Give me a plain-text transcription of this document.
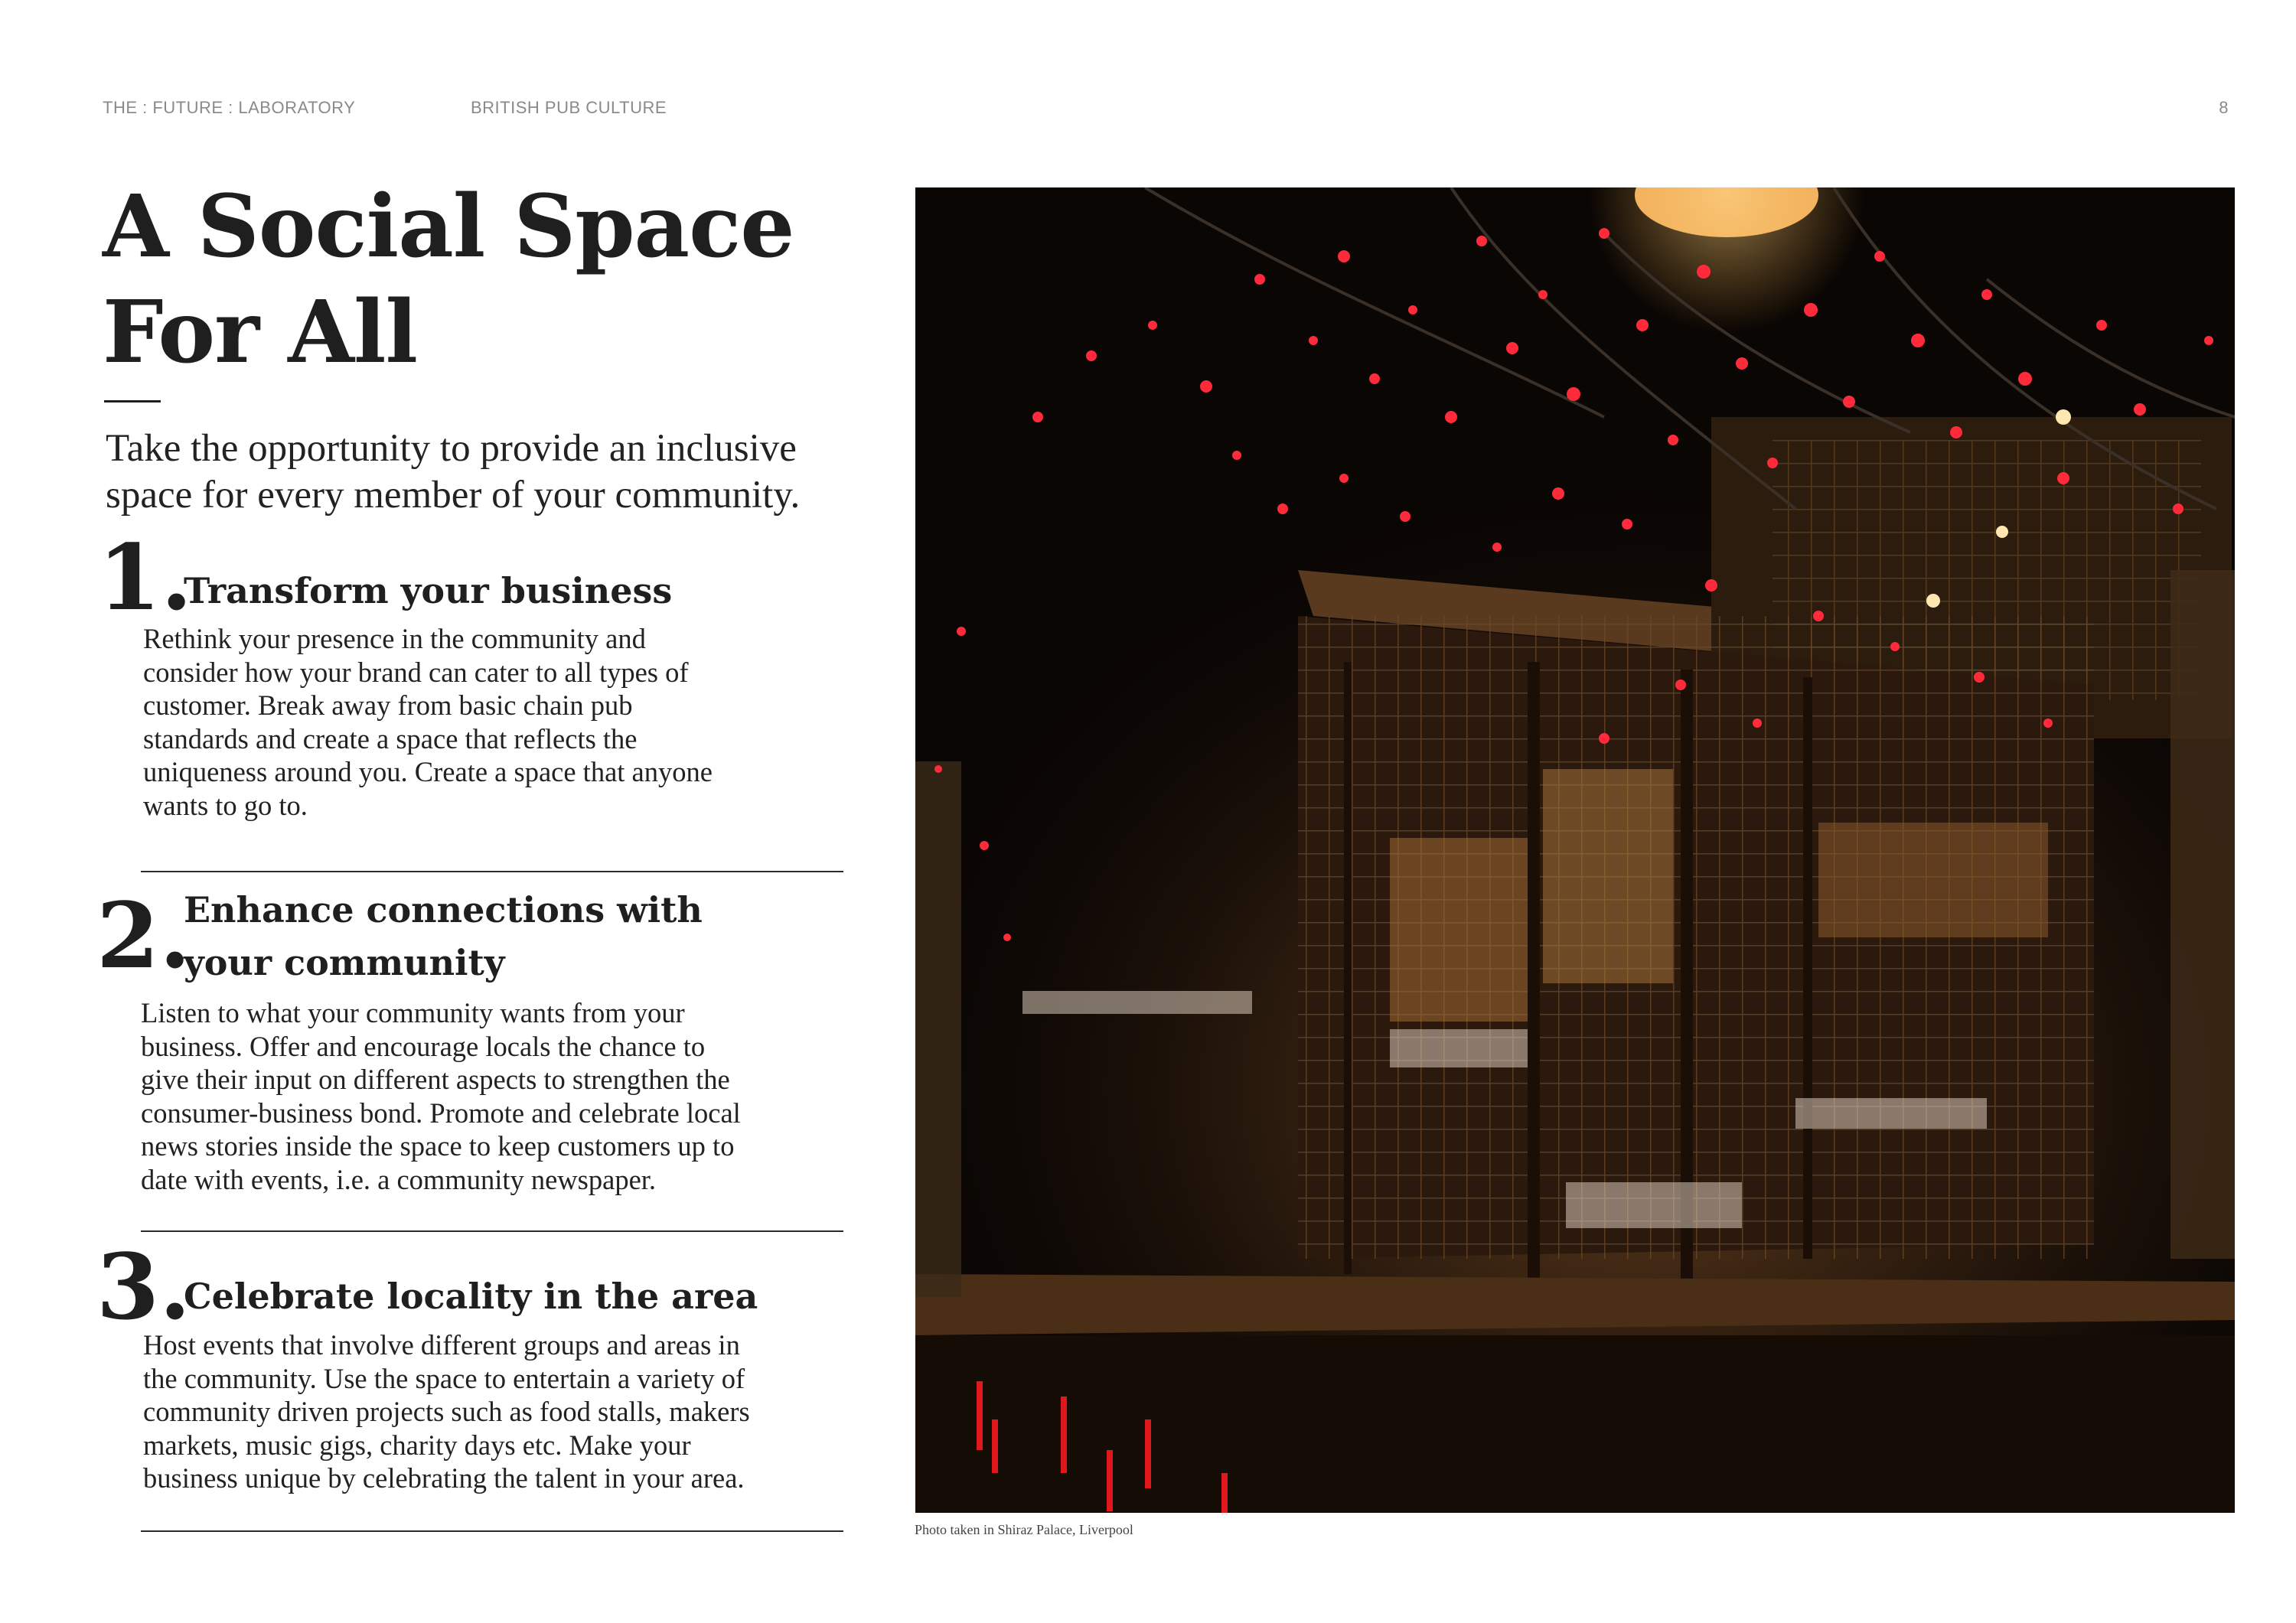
THE : FUTURE : LABORATORY	BRITISH PUB CULTURE	8
A Social Space
For All
Take the opportunity to provide an inclusive
space for every member of your community.
1.
Transform your business
Rethink your presence in the community and
consider how your brand can cater to all types of
customer. Break away from basic chain pub
standards and create a space that reflects the
uniqueness around you. Create a space that anyone
wants to go to.
2.
Enhance connections with
your community
Listen to what your community wants from your
business. Offer and encourage locals the chance to
give their input on different aspects to strengthen the
consumer-business bond. Promote and celebrate local
news stories inside the space to keep customers up to
date with events, i.e. a community newspaper.
3.
Celebrate locality in the area
Host events that involve different groups and areas in
the community. Use the space to entertain a variety of
community driven projects such as food stalls, makers
markets, music gigs, charity days etc. Make your
business unique by celebrating the talent in your area.
Photo taken in Shiraz Palace, Liverpool
